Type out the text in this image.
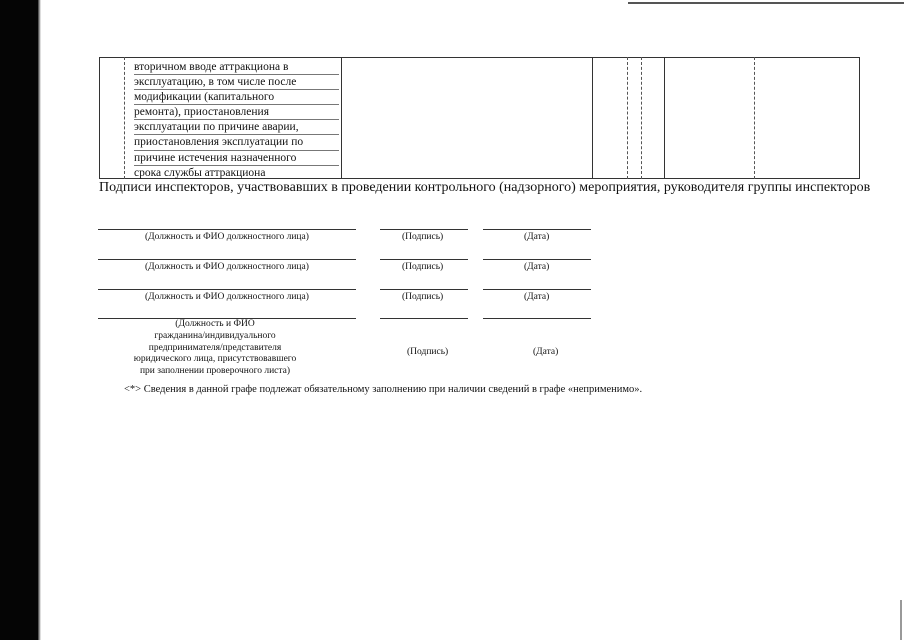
вторичном вводе аттракциона в
эксплуатацию, в том числе после
модификации (капитального
ремонта), приостановления
эксплуатации по причине аварии,
приостановления эксплуатации по
причине истечения назначенного
срока службы аттракциона
Подписи инспекторов, участвовавших в проведении контрольного (надзорного) мероприятия, руководителя группы инспекторов
(Должность и ФИО должностного лица)	(Подпись)	(Дата)
(Должность и ФИО должностного лица)	(Подпись)	(Дата)
(Должность и ФИО должностного лица)	(Подпись)	(Дата)
(Должность и ФИО
гражданина/индивидуального
предпринимателя/представителя
юридического лица, присутствовавшего
при заполнении проверочного листа)
(Подпись)	(Дата)
<*> Сведения в данной графе подлежат обязательному заполнению при наличии сведений в графе «неприменимо».
